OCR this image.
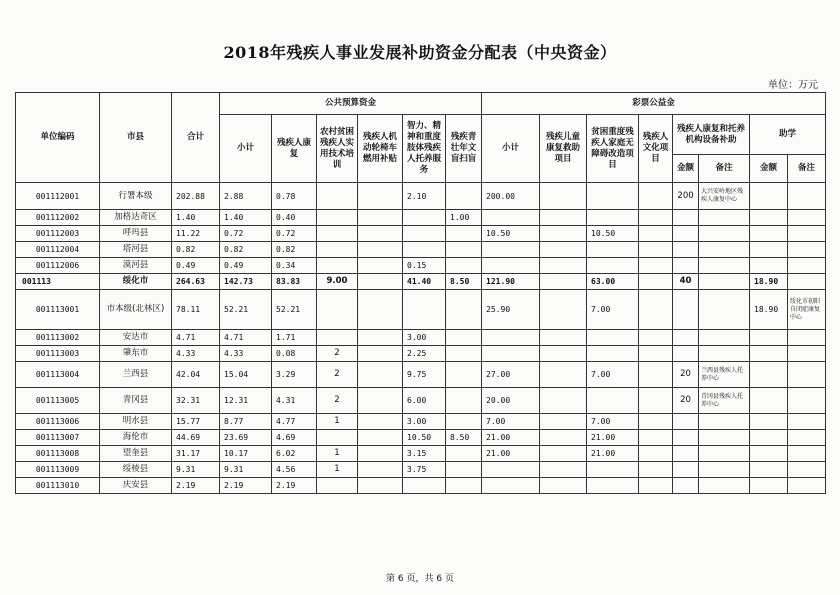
2018年残疾人事业发展补助资金分配表（中央资金）
单位：万元
单位编码	市县	合计	公共预算资金						彩票公益金							
			小计	残疾人康复	农村贫困残疾人实用技术培训	残疾人机动轮椅车燃用补贴	智力、精神和重度肢体残疾人托养服务	残疾青壮年文盲扫盲	小计	残疾儿童康复救助项目	贫困重度残疾人家庭无障碍改造项目	残疾人文化项目	残疾人康复和托养机构设备补助		助学	
													金额	备注	金额	备注
001112001	行署本级	202.88	2.88	0.78			2.10		200.00				200	大兴安岭地区残疾人康复中心		
001112002	加格达奇区	1.40	1.40	0.40				1.00								
001112003	呼玛县	11.22	0.72	0.72					10.50		10.50					
001112004	塔河县	0.82	0.82	0.82												
001112006	漠河县	0.49	0.49	0.34			0.15									
001113	绥化市	264.63	142.73	83.83	9.00		41.40	8.50	121.90		63.00		40		18.90	
001113001	市本级(北林区)	78.11	52.21	52.21					25.90		7.00				18.90	绥化市初阳自闭症康复中心
001113002	安达市	4.71	4.71	1.71			3.00									
001113003	肇东市	4.33	4.33	0.08	2		2.25									
001113004	兰西县	42.04	15.04	3.29	2		9.75		27.00		7.00		20	兰西县残疾人托养中心		
001113005	青冈县	32.31	12.31	4.31	2		6.00		20.00				20	青冈县残疾人托养中心		
001113006	明水县	15.77	8.77	4.77	1		3.00		7.00		7.00					
001113007	海伦市	44.69	23.69	4.69			10.50	8.50	21.00		21.00					
001113008	望奎县	31.17	10.17	6.02	1		3.15		21.00		21.00					
001113009	绥棱县	9.31	9.31	4.56	1		3.75									
001113010	庆安县	2.19	2.19	2.19												
第 6 页，共 6 页
